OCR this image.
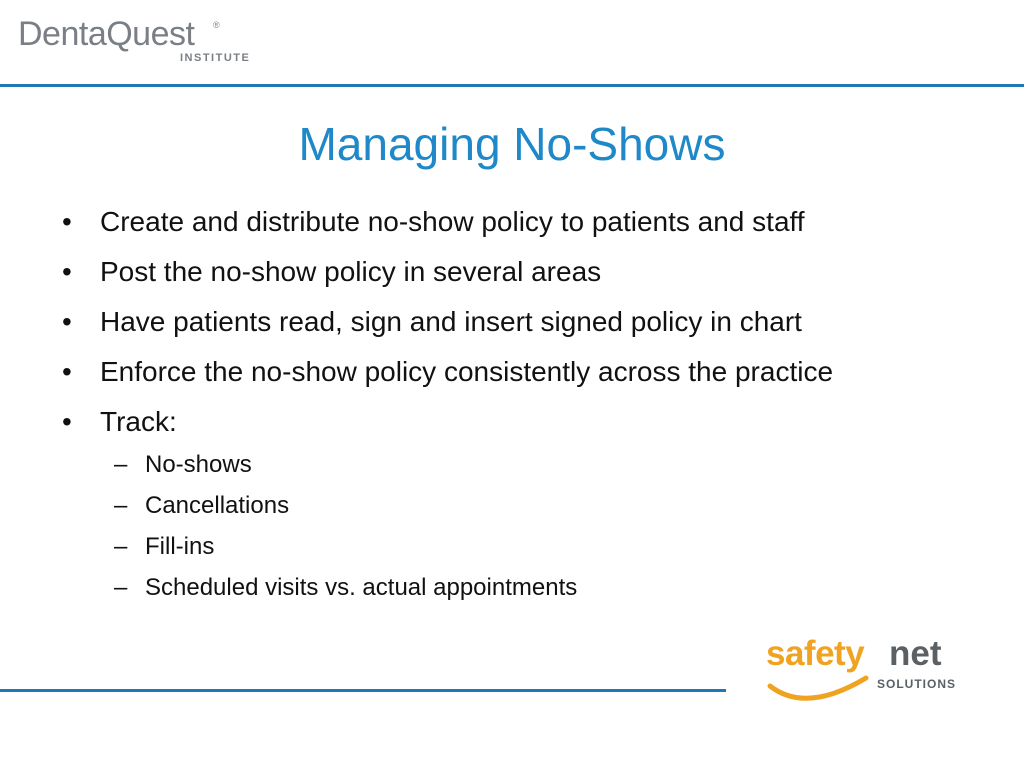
DentaQuest ®
INSTITUTE
Managing No-Shows
• Create and distribute no-show policy to patients and staff
• Post the no-show policy in several areas
• Have patients read, sign and insert signed policy in chart
• Enforce the no-show policy consistently across the practice
• Track:
– No-shows
– Cancellations
– Fill-ins
– Scheduled visits vs. actual appointments
safety net
SOLUTIONS
